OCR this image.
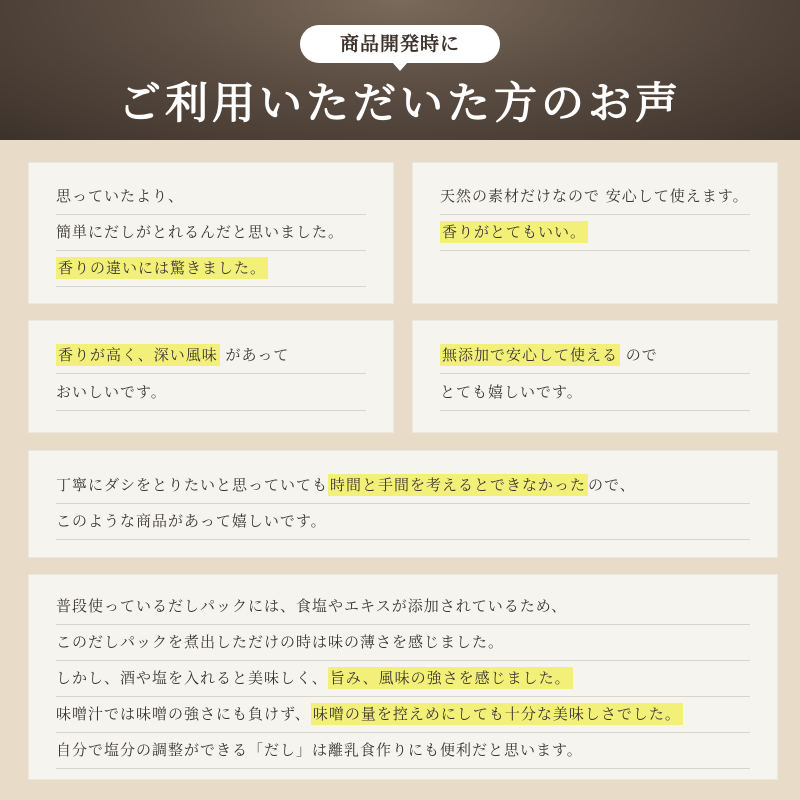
商品開発時に
ご利用いただいた方のお声
思っていたより、
簡単にだしがとれるんだと思いました。
香りの違いには驚きました。
天然の素材だけなので 安心して使えます。
香りがとてもいい。
香りが高く、深い風味 があって
おいしいです。
無添加で安心して使える ので
とても嬉しいです。
丁寧にダシをとりたいと思っていても 時間と手間を考えるとできなかった ので、
このような商品があって嬉しいです。
普段使っているだしパックには、食塩やエキスが添加されているため、
このだしパックを煮出しただけの時は味の薄さを感じました。
しかし、酒や塩を入れると美味しく、 旨み、風味の強さを感じました。
味噌汁では味噌の強さにも負けず、 味噌の量を控えめにしても十分な美味しさでした。
自分で塩分の調整ができる「だし」は離乳食作りにも便利だと思います。
